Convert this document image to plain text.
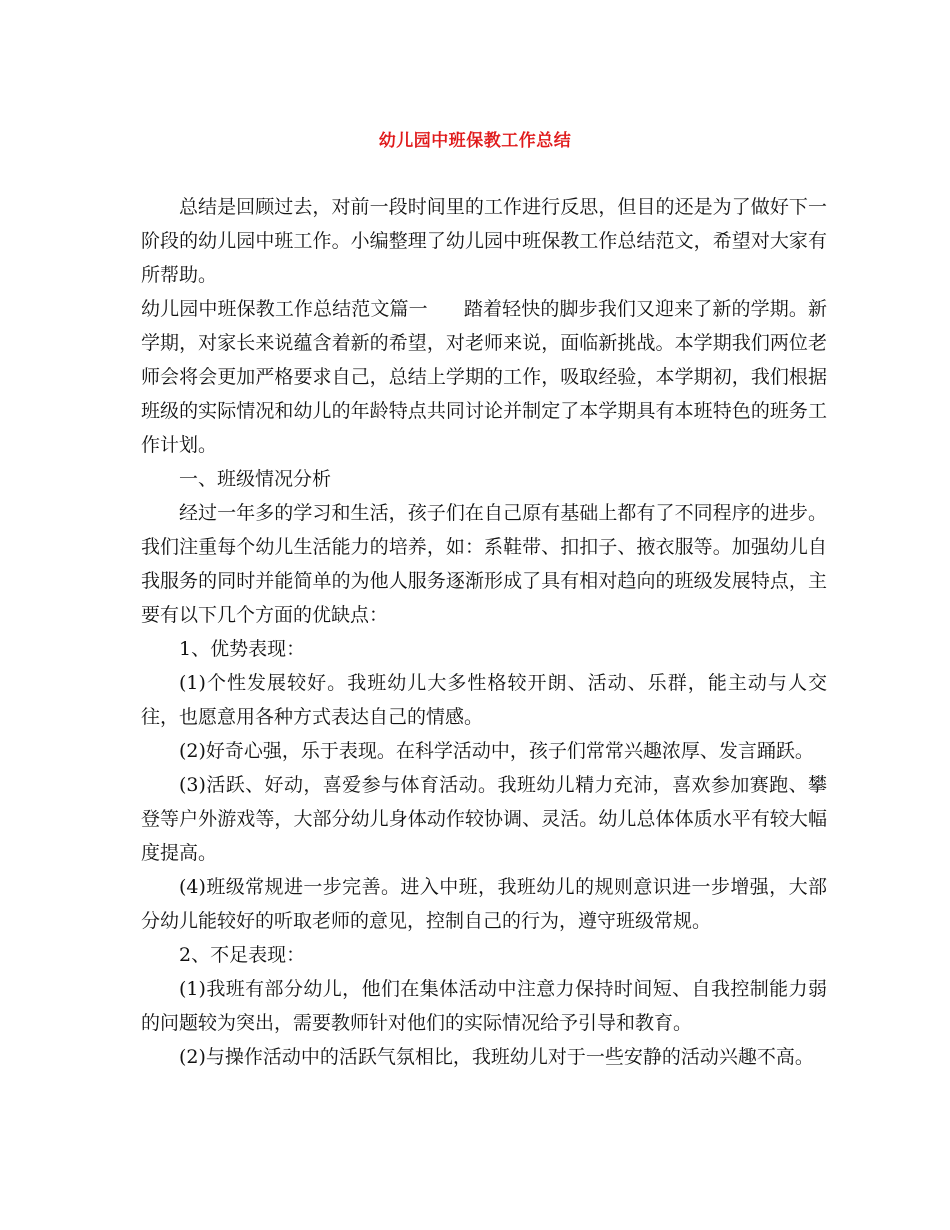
幼儿园中班保教工作总结

总结是回顾过去，对前一段时间里的工作进行反思，但目的还是为了做好下一阶段的幼儿园中班工作。小编整理了幼儿园中班保教工作总结范文，希望对大家有所帮助。

幼儿园中班保教工作总结范文篇一 踏着轻快的脚步我们又迎来了新的学期。新学期，对家长来说蕴含着新的希望，对老师来说，面临新挑战。本学期我们两位老师会将会更加严格要求自己，总结上学期的工作，吸取经验，本学期初，我们根据班级的实际情况和幼儿的年龄特点共同讨论并制定了本学期具有本班特色的班务工作计划。

一、班级情况分析

经过一年多的学习和生活，孩子们在自己原有基础上都有了不同程序的进步。我们注重每个幼儿生活能力的培养，如：系鞋带、扣扣子、掖衣服等。加强幼儿自我服务的同时并能简单的为他人服务逐渐形成了具有相对趋向的班级发展特点，主要有以下几个方面的优缺点：

1、优势表现：

(1)个性发展较好。我班幼儿大多性格较开朗、活动、乐群，能主动与人交往，也愿意用各种方式表达自己的情感。

(2)好奇心强，乐于表现。在科学活动中，孩子们常常兴趣浓厚、发言踊跃。

(3)活跃、好动，喜爱参与体育活动。我班幼儿精力充沛，喜欢参加赛跑、攀登等户外游戏等，大部分幼儿身体动作较协调、灵活。幼儿总体体质水平有较大幅度提高。

(4)班级常规进一步完善。进入中班，我班幼儿的规则意识进一步增强，大部分幼儿能较好的听取老师的意见，控制自己的行为，遵守班级常规。

2、不足表现：

(1)我班有部分幼儿，他们在集体活动中注意力保持时间短、自我控制能力弱的问题较为突出，需要教师针对他们的实际情况给予引导和教育。

(2)与操作活动中的活跃气氛相比，我班幼儿对于一些安静的活动兴趣不高。
